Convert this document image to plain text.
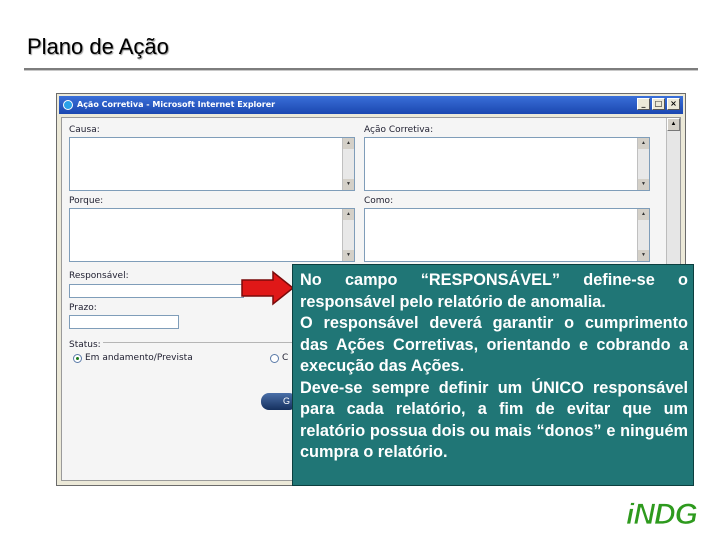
Plano de Ação
Ação Corretiva - Microsoft Internet Explorer	_	□ ×
▲
Causa:
▲
▼
Ação Corretiva:
▲
▼
Porque:
▲
▼
Como:
▲
▼
Responsável:
Prazo:
Status:
Em andamento/Prevista	C
G

No campo “RESPONSÁVEL” define-se o responsável pelo relatório de anomalia.

O responsável deverá garantir o cumprimento das Ações Corretivas, orientando e cobrando a execução das Ações.

Deve-se sempre definir um ÚNICO responsável para cada relatório, a fim de evitar que um relatório possua dois ou mais “donos” e ninguém cumpra o relatório.

iNDG
